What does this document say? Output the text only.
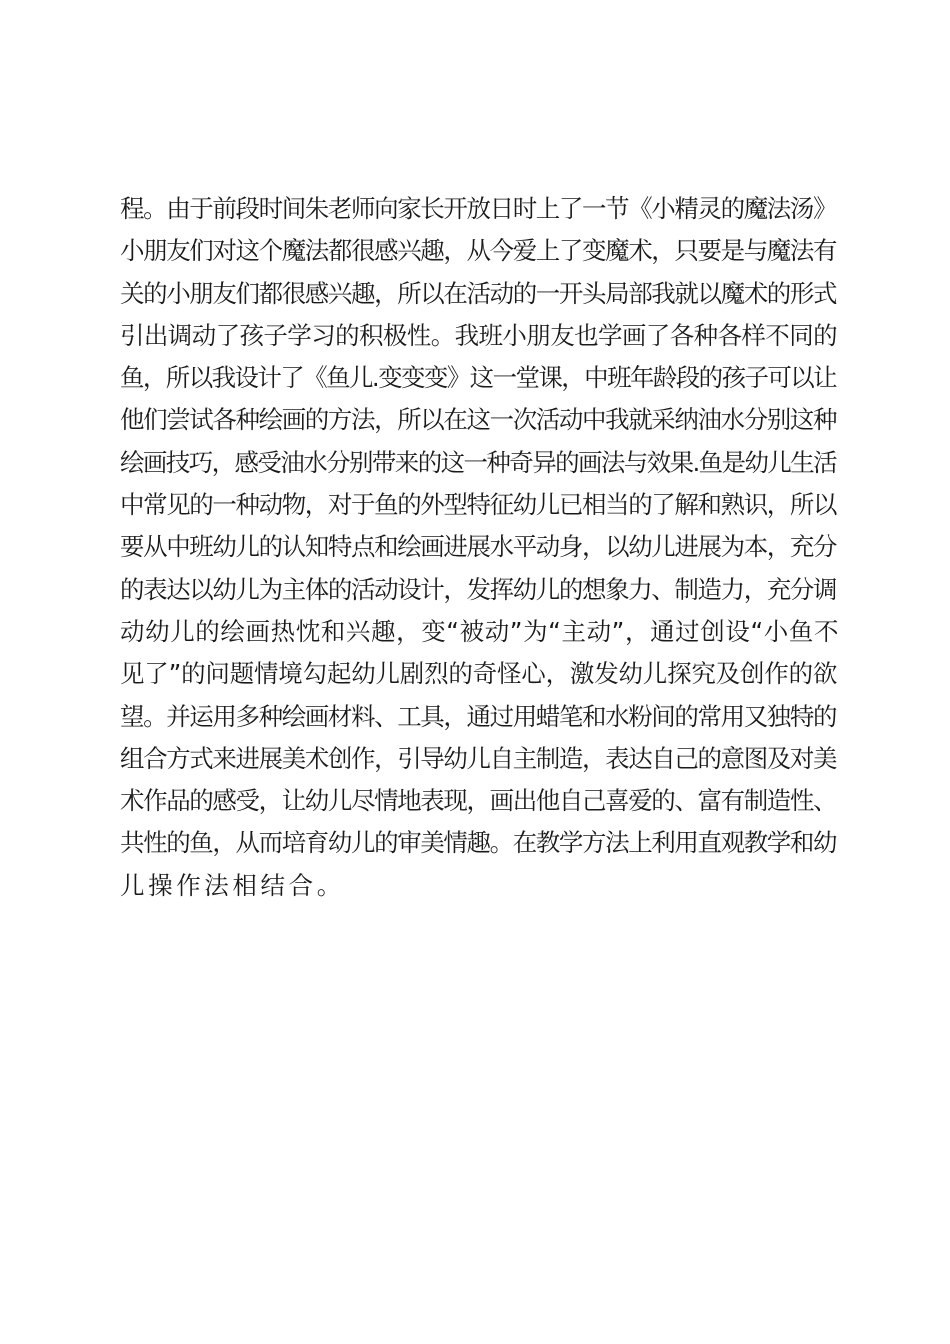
程。由于前段时间朱老师向家长开放日时上了一节《小精灵的魔法汤》
小朋友们对这个魔法都很感兴趣，从今爱上了变魔术，只要是与魔法有
关的小朋友们都很感兴趣，所以在活动的一开头局部我就以魔术的形式
引出调动了孩子学习的积极性。我班小朋友也学画了各种各样不同的
鱼，所以我设计了《鱼儿.变变变》这一堂课，中班年龄段的孩子可以让
他们尝试各种绘画的方法，所以在这一次活动中我就采纳油水分别这种
绘画技巧，感受油水分别带来的这一种奇异的画法与效果.鱼是幼儿生活
中常见的一种动物，对于鱼的外型特征幼儿已相当的了解和熟识，所以
要从中班幼儿的认知特点和绘画进展水平动身，以幼儿进展为本，充分
的表达以幼儿为主体的活动设计，发挥幼儿的想象力、制造力，充分调
动幼儿的绘画热忱和兴趣，变“被动”为“主动”，通过创设“小鱼不
见了”的问题情境勾起幼儿剧烈的奇怪心，激发幼儿探究及创作的欲
望。并运用多种绘画材料、工具，通过用蜡笔和水粉间的常用又独特的
组合方式来进展美术创作，引导幼儿自主制造，表达自己的意图及对美
术作品的感受，让幼儿尽情地表现，画出他自己喜爱的、富有制造性、
共性的鱼，从而培育幼儿的审美情趣。在教学方法上利用直观教学和幼
儿操作法相结合。
